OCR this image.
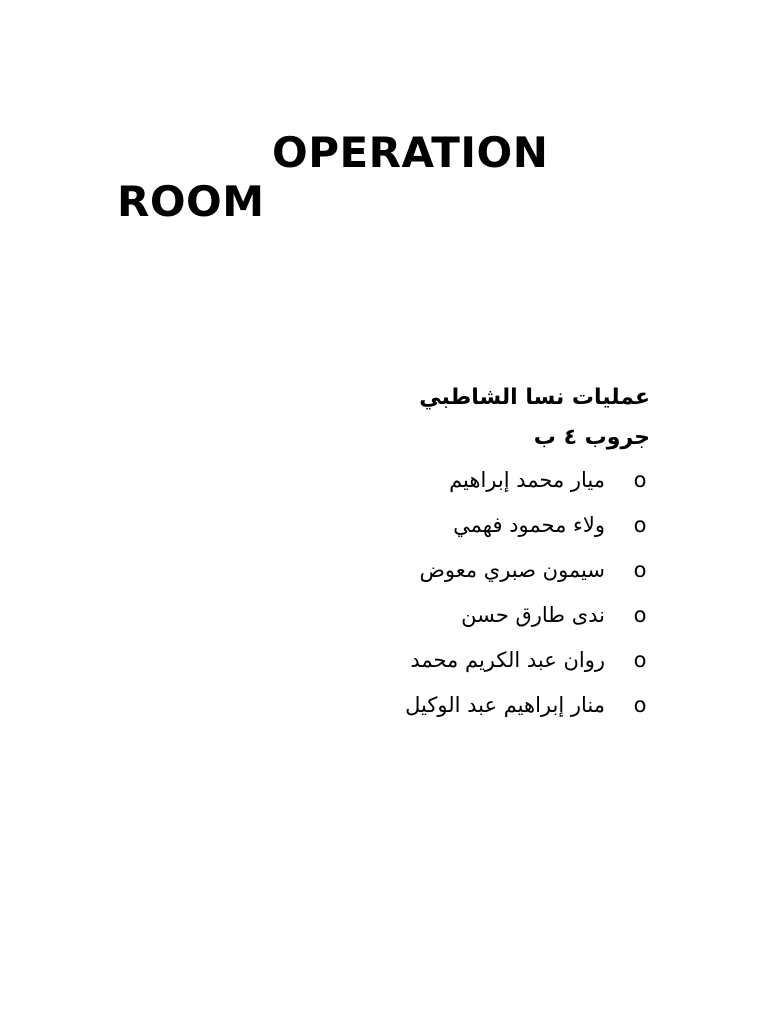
OPERATION ROOM

عمليات نسا الشاطبي

جروب ٤ ب

o
ميار محمد إبراهيم
o
ولاء محمود فهمي
o
سيمون صبري معوض
o
ندى طارق حسن
o
روان عبد الكريم محمد
o
منار إبراهيم عبد الوكيل
